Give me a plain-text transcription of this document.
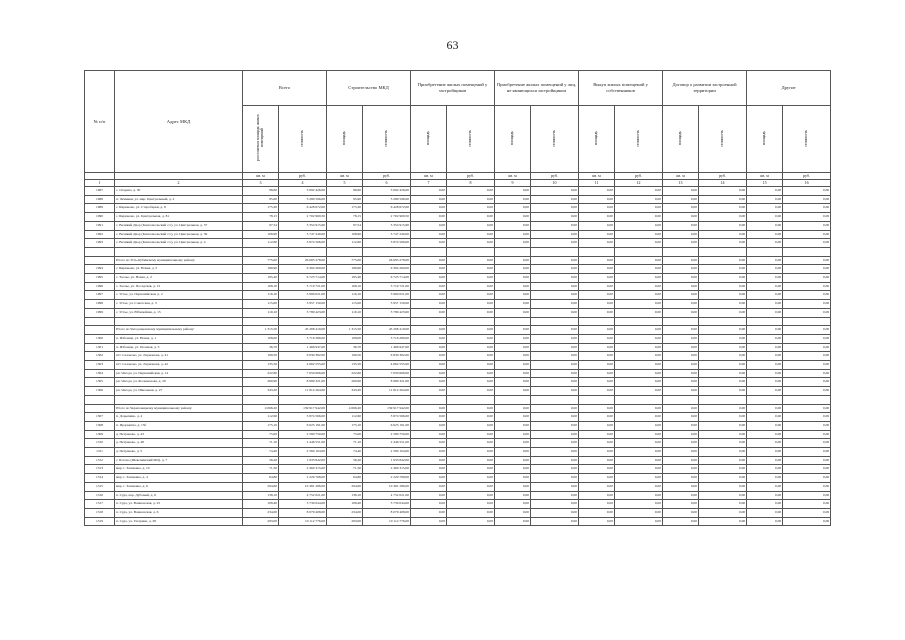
63
№ п/п	Адрес МКД	Всего		Строительство МКД		Приобретение жилых помещений у застройщиков		Приобретение жилых помещений у лиц, не являющихся застройщиком		Выкуп жилых помещений у собственников		Договор о развитии застроенной территории		Другие	
		расселяемая площадь жилых помещений	стоимость	площадь	стоимость	площадь	стоимость	площадь	стоимость	площадь	стоимость	площадь	стоимость	площадь	стоимость
		кв. м	руб.	кв. м	руб.	кв. м	руб.	кв. м	руб.	кв. м	руб.	кв. м	руб.	кв. м	руб.
1	2	3	4	5	6	7	8	9	10	11	12	13	14	15	16
1987	с. Огарево, д. 30	98,60	3 092 426,00	98,60	3 092 426,00	0,00	0,00	0,00	0,00	0,00	0,00	0,00	0,00	0,00	0,00
1988	п. Чечмики, ул. мкр. Центральный, д. 2	95,60	3 289 596,00	95,60	3 289 596,00	0,00	0,00	0,00	0,00	0,00	0,00	0,00	0,00	0,00	0,00
1989	с. Бирюково, ул. Старобарки, д. 8	175,20	6 428 672,00	175,20	6 428 672,00	0,00	0,00	0,00	0,00	0,00	0,00	0,00	0,00	0,00	0,00
1990	с. Бирюково, ул. Центральная, д. 81	78,15	2 702 969,50	78,15	2 702 969,50	0,00	0,00	0,00	0,00	0,00	0,00	0,00	0,00	0,00	0,00
1991	с. Великий Двор (Комсомольский с/с), ул. Центральная, д. 37	97,54	3 354 915,60	97,54	3 354 915,60	0,00	0,00	0,00	0,00	0,00	0,00	0,00	0,00	0,00	0,00
1992	с. Великий Двор (Комсомольский с/с), ул. Центральная, д. 39	108,90	3 747 240,00	108,90	3 747 240,00	0,00	0,00	0,00	0,00	0,00	0,00	0,00	0,00	0,00	0,00
1993	с. Великий Двор (Комсомольский с/с), ул. Центральная, д. 4	112,60	3 874 566,00	112,60	3 874 566,00	0,00	0,00	0,00	0,00	0,00	0,00	0,00	0,00	0,00	0,00

	Итого по Усть-Кубинскому муниципальному району:	775,00	26 695 278,00	775,00	26 695 278,00	0,00	0,00	0,00	0,00	0,00	0,00	0,00	0,00	0,00	0,00
1994	с. Бирюково, ул. Новая, д. 5	180,90	6 304 260,00	180,90	6 304 260,00	0,00	0,00	0,00	0,00	0,00	0,00	0,00	0,00	0,00	0,00
1995	с. Заозье, ул. Новая, д. 2	195,40	6 723 714,00	195,40	6 723 714,00	0,00	0,00	0,00	0,00	0,00	0,00	0,00	0,00	0,00	0,00
1996	с. Заозье, ул. Посадская, д. 15	108,10	3 719 721,00	108,10	3 719 721,00	0,00	0,00	0,00	0,00	0,00	0,00	0,00	0,00	0,00	0,00
1997	с. Устье, ул. Первомайская, д. 2	116,10	3 990 021,00	116,10	3 990 021,00	0,00	0,00	0,00	0,00	0,00	0,00	0,00	0,00	0,00	0,00
1998	с. Устье, ул. Советская, д. 3	115,00	3 957 150,00	115,00	3 957 150,00	0,00	0,00	0,00	0,00	0,00	0,00	0,00	0,00	0,00	0,00
1999	с. Устье, ул. Юбилейная, д. 15	110,10	3 789 423,00	110,10	3 789 423,00	0,00	0,00	0,00	0,00	0,00	0,00	0,00	0,00	0,00	0,00

	Итого по Чагодощенскому муниципальному району:	1 315,50	45 268 419,00	1 315,50	45 268 419,00	0,00	0,00	0,00	0,00	0,00	0,00	0,00	0,00	0,00	0,00
1300	п. Избоище, ул. Новая, д. 1	108,00	3 716 280,00	108,00	3 716 280,00	0,00	0,00	0,00	0,00	0,00	0,00	0,00	0,00	0,00	0,00
1301	п. Избоище, ул. Полевая, д. 3	36,70	1 466 947,00	36,70	1 466 947,00	0,00	0,00	0,00	0,00	0,00	0,00	0,00	0,00	0,00	0,00
1302	пгт. Сазоново, ул. Ларионова, д. 41	199,50	6 830 382,00	199,50	6 830 382,00	0,00	0,00	0,00	0,00	0,00	0,00	0,00	0,00	0,00	0,00
1303	пгт. Сазоново, ул. Ларионова, д. 42	135,50	4 662 555,00	135,50	4 662 555,00	0,00	0,00	0,00	0,00	0,00	0,00	0,00	0,00	0,00	0,00
1304	рп. Чагода, ул. Первомайская, д. 12	222,60	7 659 666,00	222,60	7 659 666,00	0,00	0,00	0,00	0,00	0,00	0,00	0,00	0,00	0,00	0,00
1305	рп. Чагода, ул. Фольмонова, д. 20	260,90	8 980 321,00	260,90	8 980 321,00	0,00	0,00	0,00	0,00	0,00	0,00	0,00	0,00	0,00	0,00
1306	рп. Чагода, ул. Школьная, д. 27	343,20	11 812 264,00	343,20	11 812 264,00	0,00	0,00	0,00	0,00	0,00	0,00	0,00	0,00	0,00	0,00

	Итого по Череповецкому муниципальному району:	4 066,20	139 917 942,00	4 066,20	139 917 942,00	0,00	0,00	0,00	0,00	0,00	0,00	0,00	0,00	0,00	0,00
1307	п. Дорыпино, д. 4	112,60	3 874 566,00	112,60	3 874 566,00	0,00	0,00	0,00	0,00	0,00	0,00	0,00	0,00	0,00	0,00
1308	п. Ирдоматка, д. 15б	175,10	6 025 191,00	175,10	6 025 191,00	0,00	0,00	0,00	0,00	0,00	0,00	0,00	0,00	0,00	0,00
1309	д. Петраково, д. 43	75,00	2 580 750,00	75,00	2 580 750,00	0,00	0,00	0,00	0,00	0,00	0,00	0,00	0,00	0,00	0,00
1310	д. Петраково, д. 48	71,10	2 446 551,00	71,10	2 446 551,00	0,00	0,00	0,00	0,00	0,00	0,00	0,00	0,00	0,00	0,00
1311	д. Петраково, д. 5	74,40	2 560 104,00	74,40	2 560 104,00	0,00	0,00	0,00	0,00	0,00	0,00	0,00	0,00	0,00	0,00
1312	с. Ботово (Шекснинский МО), д. 7	56,20	1 933 842,00	56,20	1 933 842,00	0,00	0,00	0,00	0,00	0,00	0,00	0,00	0,00	0,00	0,00
1313	мкр. г. Зазнаевка, д. 10	71,50	2 460 315,00	71,50	2 460 315,00	0,00	0,00	0,00	0,00	0,00	0,00	0,00	0,00	0,00	0,00
1314	мкр. г. Зазнаевка, д. 4	64,80	2 229 768,00	64,80	2 229 768,00	0,00	0,00	0,00	0,00	0,00	0,00	0,00	0,00	0,00	0,00
1315	мкр. г. Зазнаевка, д. 6	294,60	10 481 286,00	294,60	10 481 286,00	0,00	0,00	0,00	0,00	0,00	0,00	0,00	0,00	0,00	0,00
1316	п. Суда, пер. Дубовый, д. 6	138,10	4 752 021,00	138,10	4 752 021,00	0,00	0,00	0,00	0,00	0,00	0,00	0,00	0,00	0,00	0,00
1317	п. Суда, ул. Воинонская, д. 25	108,40	3 730 044,00	108,40	3 730 044,00	0,00	0,00	0,00	0,00	0,00	0,00	0,00	0,00	0,00	0,00
1318	п. Суда, ул. Воинонская, д. 6	234,00	8 079 408,00	234,00	8 079 408,00	0,00	0,00	0,00	0,00	0,00	0,00	0,00	0,00	0,00	0,00
1319	п. Суда, ул. Гагарина, д. 28	293,00	10 112 776,00	293,00	10 112 776,00	0,00	0,00	0,00	0,00	0,00	0,00	0,00	0,00	0,00	0,00
